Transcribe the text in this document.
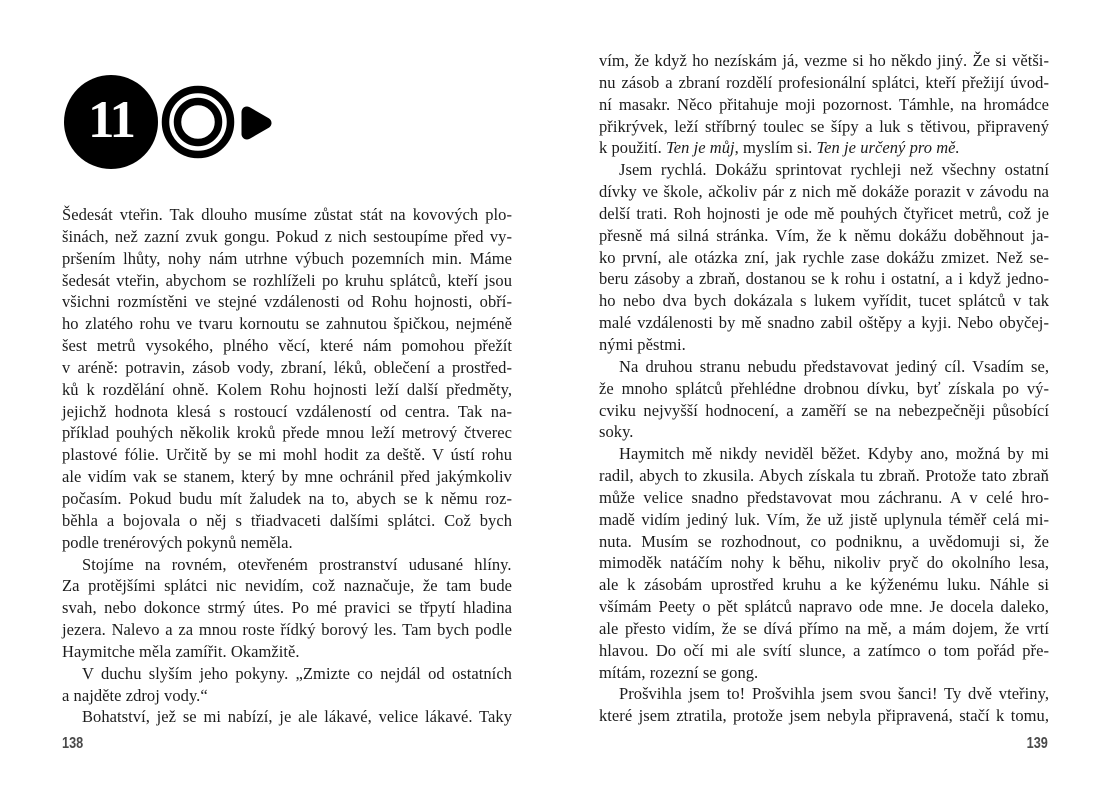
11
Šedesát vteřin. Tak dlouho musíme zůstat stát na kovových plo-
šinách, než zazní zvuk gongu. Pokud z nich sestoupíme před vy-
pršením lhůty, nohy nám utrhne výbuch pozemních min. Máme
šedesát vteřin, abychom se rozhlíželi po kruhu splátců, kteří jsou
všichni rozmístěni ve stejné vzdálenosti od Rohu hojnosti, obří-
ho zlatého rohu ve tvaru kornoutu se zahnutou špičkou, nejméně
šest metrů vysokého, plného věcí, které nám pomohou přežít
v aréně: potravin, zásob vody, zbraní, léků, oblečení a prostřed-
ků k rozdělání ohně. Kolem Rohu hojnosti leží další předměty,
jejichž hodnota klesá s rostoucí vzdáleností od centra. Tak na-
příklad pouhých několik kroků přede mnou leží metrový čtverec
plastové fólie. Určitě by se mi mohl hodit za deště. V ústí rohu
ale vidím vak se stanem, který by mne ochránil před jakýmkoliv
počasím. Pokud budu mít žaludek na to, abych se k němu roz-
běhla a bojovala o něj s třiadvaceti dalšími splátci. Což bych
podle trenérových pokynů neměla.
Stojíme na rovném, otevřeném prostranství udusané hlíny.
Za protějšími splátci nic nevidím, což naznačuje, že tam bude
svah, nebo dokonce strmý útes. Po mé pravici se třpytí hladina
jezera. Nalevo a za mnou roste řídký borový les. Tam bych podle
Haymitche měla zamířit. Okamžitě.
V duchu slyším jeho pokyny. „Zmizte co nejdál od ostatních
a najděte zdroj vody.“
Bohatství, jež se mi nabízí, je ale lákavé, velice lákavé. Taky
vím, že když ho nezískám já, vezme si ho někdo jiný. Že si větši-
nu zásob a zbraní rozdělí profesionální splátci, kteří přežijí úvod-
ní masakr. Něco přitahuje moji pozornost. Támhle, na hromádce
přikrývek, leží stříbrný toulec se šípy a luk s tětivou, připravený
k použití. Ten je můj, myslím si. Ten je určený pro mě.
Jsem rychlá. Dokážu sprintovat rychleji než všechny ostatní
dívky ve škole, ačkoliv pár z nich mě dokáže porazit v závodu na
delší trati. Roh hojnosti je ode mě pouhých čtyřicet metrů, což je
přesně má silná stránka. Vím, že k němu dokážu doběhnout ja-
ko první, ale otázka zní, jak rychle zase dokážu zmizet. Než se-
beru zásoby a zbraň, dostanou se k rohu i ostatní, a i když jedno-
ho nebo dva bych dokázala s lukem vyřídit, tucet splátců v tak
malé vzdálenosti by mě snadno zabil oštěpy a kyji. Nebo obyčej-
nými pěstmi.
Na druhou stranu nebudu představovat jediný cíl. Vsadím se,
že mnoho splátců přehlédne drobnou dívku, byť získala po vý-
cviku nejvyšší hodnocení, a zaměří se na nebezpečněji působící
soky.
Haymitch mě nikdy neviděl běžet. Kdyby ano, možná by mi
radil, abych to zkusila. Abych získala tu zbraň. Protože tato zbraň
může velice snadno představovat mou záchranu. A v celé hro-
madě vidím jediný luk. Vím, že už jistě uplynula téměř celá mi-
nuta. Musím se rozhodnout, co podniknu, a uvědomuji si, že
mimoděk natáčím nohy k běhu, nikoliv pryč do okolního lesa,
ale k zásobám uprostřed kruhu a ke kýženému luku. Náhle si
všímám Peety o pět splátců napravo ode mne. Je docela daleko,
ale přesto vidím, že se dívá přímo na mě, a mám dojem, že vrtí
hlavou. Do očí mi ale svítí slunce, a zatímco o tom pořád pře-
mítám, rozezní se gong.
Prošvihla jsem to! Prošvihla jsem svou šanci! Ty dvě vteřiny,
které jsem ztratila, protože jsem nebyla připravená, stačí k tomu,
138	139
